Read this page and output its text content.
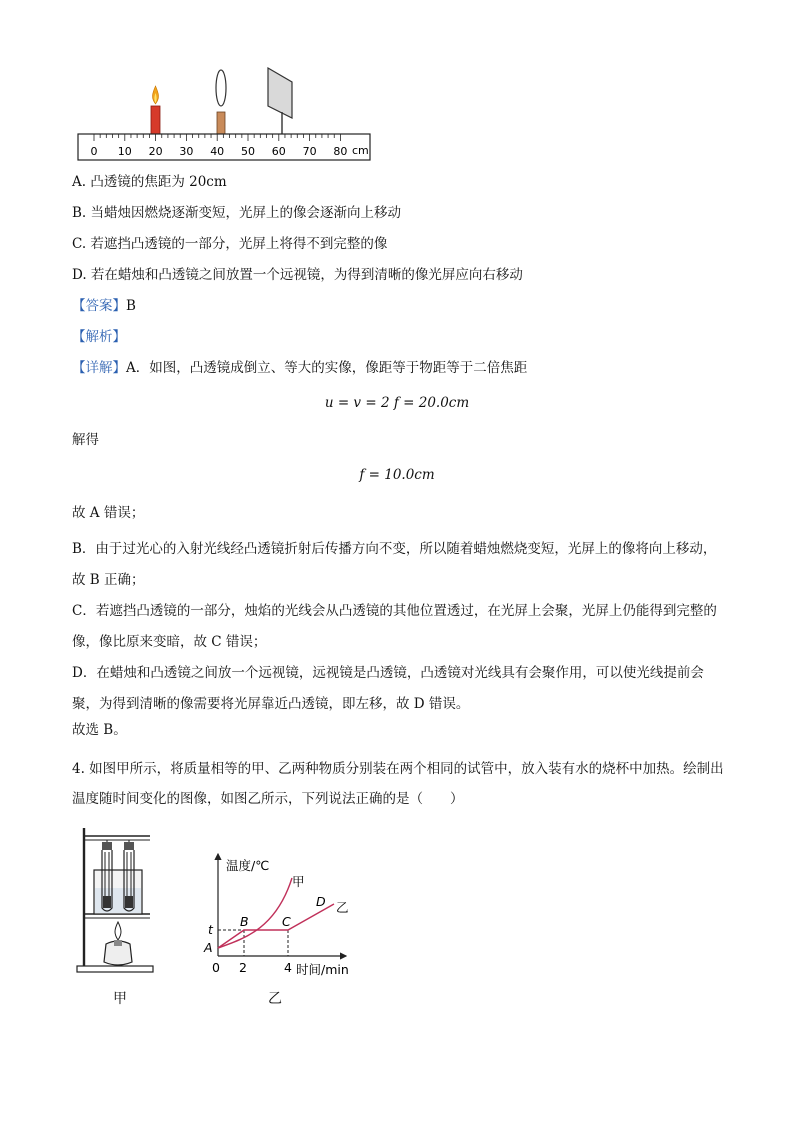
0 10 20 30 40 50 60 70 80 cm
A. 凸透镜的焦距为 20cm
B. 当蜡烛因燃烧逐渐变短，光屏上的像会逐渐向上移动
C. 若遮挡凸透镜的一部分，光屏上将得不到完整的像
D. 若在蜡烛和凸透镜之间放置一个远视镜，为得到清晰的像光屏应向右移动
【答案】B
【解析】
【详解】A．如图，凸透镜成倒立、等大的实像，像距等于物距等于二倍焦距
u = v = 2 f = 20.0cm
解得
f = 10.0cm
故 A 错误；
B．由于过光心的入射光线经凸透镜折射后传播方向不变，所以随着蜡烛燃烧变短，光屏上的像将向上移动，故 B 正确；
C．若遮挡凸透镜的一部分，烛焰的光线会从凸透镜的其他位置透过，在光屏上会聚，光屏上仍能得到完整的像，像比原来变暗，故 C 错误；
D．在蜡烛和凸透镜之间放一个远视镜，远视镜是凸透镜，凸透镜对光线具有会聚作用，可以使光线提前会聚，为得到清晰的像需要将光屏靠近凸透镜，即左移，故 D 错误。
故选 B。
4. 如图甲所示，将质量相等的甲、乙两种物质分别装在两个相同的试管中，放入装有水的烧杯中加热。绘制出温度随时间变化的图像，如图乙所示，下列说法正确的是（　　）
甲
温度/℃
时间/min
0 2	4
t
甲
乙
A
B	C
D
乙
